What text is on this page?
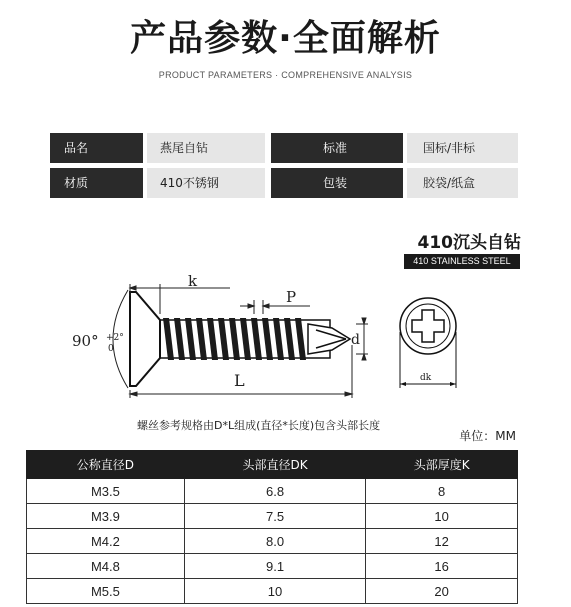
产品参数·全面解析
PRODUCT PARAMETERS · COMPREHENSIVE ANALYSIS
品名	燕尾自钻	标准	国标/非标
材质	410不锈钢	包装	胶袋/纸盒
410沉头自钻
410 STAINLESS STEEL
90° +2°
0
k
P
L
d
dk
螺丝参考规格由D*L组成(直径*长度)包含头部长度
单位：MM
公称直径D	头部直径DK	头部厚度K
M3.5	6.8	8
M3.9	7.5	10
M4.2	8.0	12
M4.8	9.1	16
M5.5	10	20
